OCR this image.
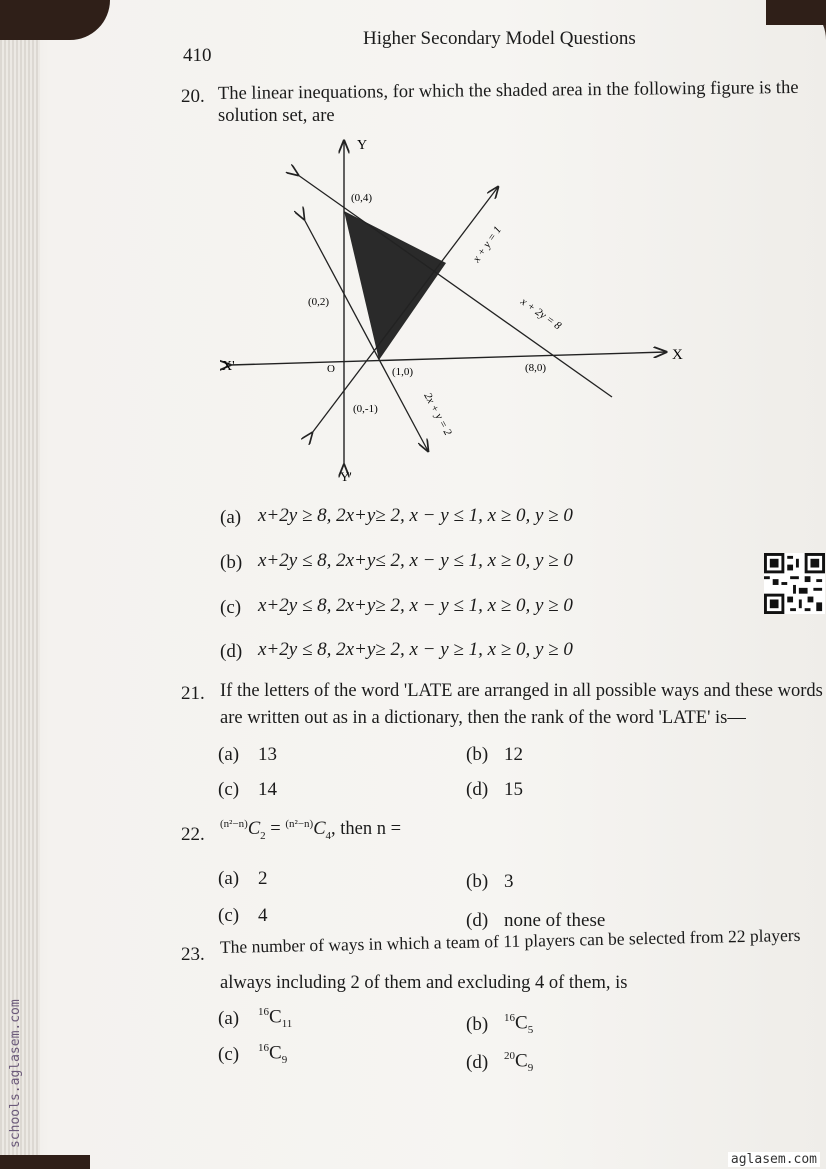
410
Higher Secondary Model Questions
20. The linear inequations, for which the shaded area in the following figure is the
solution set, are
Y
Y'
X
X'	O
(0,4)
(0,2)
(1,0)	(8,0)
(0,-1)
x + y = 1
x + 2y = 8
2x + y = 2
(a) x+2y ≥ 8, 2x+y≥ 2, x − y ≤ 1, x ≥ 0, y ≥ 0
(b) x+2y ≤ 8, 2x+y≤ 2, x − y ≤ 1, x ≥ 0, y ≥ 0
(c) x+2y ≤ 8, 2x+y≥ 2, x − y ≤ 1, x ≥ 0, y ≥ 0
(d) x+2y ≤ 8, 2x+y≥ 2, x − y ≥ 1, x ≥ 0, y ≥ 0
21. If the letters of the word 'LATE are arranged in all possible ways and these words
are written out as in a dictionary, then the rank of the word 'LATE' is—
(a) 13	(b) 12
(c) 14	(d) 15
22. $^{(n^2-n)}C_2 = ^{(n^2-n)}C_4$, then n =
(a) 2	(b) 3
(c) 4	(d) none of these
23. The number of ways in which a team of 11 players can be selected from 22 players
always including 2 of them and excluding 4 of them, is
(a) $^{16}C_{11}$	(b) $^{16}C_5$
(c) $^{16}C_9$	(d) $^{20}C_9$
schools.aglasem.com
aglasem.com
